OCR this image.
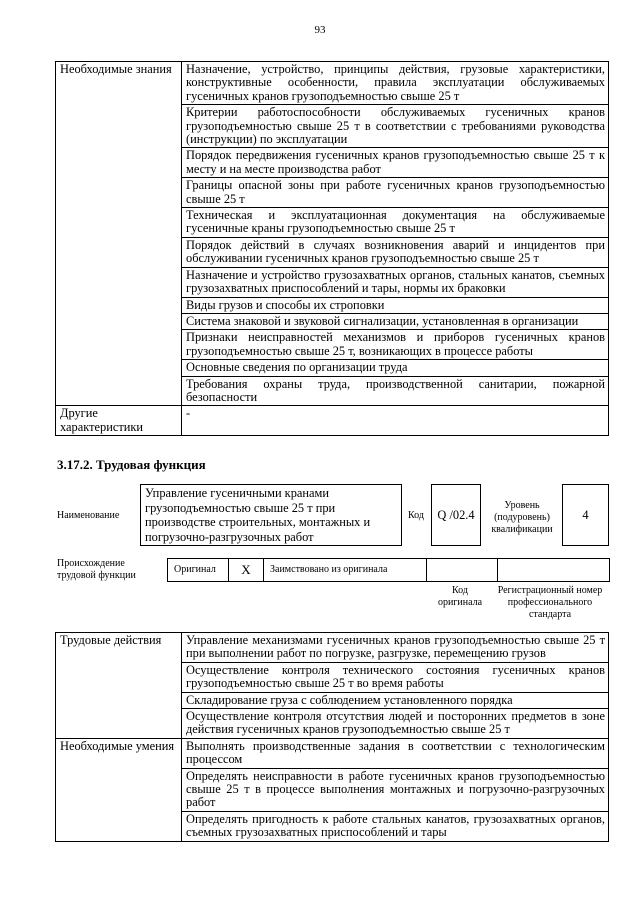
93
Необходимые знания	Назначение, устройство, принципы действия, грузовые характеристики, конструктивные особенности, правила эксплуатации обслуживаемых гусеничных кранов грузоподъемностью свыше 25 т
	Критерии работоспособности обслуживаемых гусеничных кранов грузоподъемностью свыше 25 т в соответствии с требованиями руководства (инструкции) по эксплуатации
	Порядок передвижения гусеничных кранов грузоподъемностью свыше 25 т к месту и на месте производства работ
	Границы опасной зоны при работе гусеничных кранов грузоподъемностью свыше 25 т
	Техническая и эксплуатационная документация на обслуживаемые гусеничные краны грузоподъемностью свыше 25 т
	Порядок действий в случаях возникновения аварий и инцидентов при обслуживании гусеничных кранов грузоподъемностью свыше 25 т
	Назначение и устройство грузозахватных органов, стальных канатов, съемных грузозахватных приспособлений и тары, нормы их браковки
	Виды грузов и способы их строповки
	Система знаковой и звуковой сигнализации, установленная в организации
	Признаки неисправностей механизмов и приборов гусеничных кранов грузоподъемностью свыше 25 т, возникающих в процессе работы
	Основные сведения по организации труда
	Требования охраны труда, производственной санитарии, пожарной безопасности
Другие характеристики	-
3.17.2. Трудовая функция
Наименование
Управление гусеничными кранами грузоподъемностью свыше 25 т при производстве строительных, монтажных и погрузочно-разгрузочных работ
Код	Q /02.4
Уровень (подуровень) квалификации
4
Происхождение трудовой функции
Оригинал	X	Заимствовано из оригинала		
Код оригинала
Регистрационный номер профессионального стандарта
Трудовые действия	Управление механизмами гусеничных кранов грузоподъемностью свыше 25 т при выполнении работ по погрузке, разгрузке, перемещению грузов
	Осуществление контроля технического состояния гусеничных кранов грузоподъемностью свыше 25 т во время работы
	Складирование груза с соблюдением установленного порядка
	Осуществление контроля отсутствия людей и посторонних предметов в зоне действия гусеничных кранов грузоподъемностью свыше 25 т
Необходимые умения	Выполнять производственные задания в соответствии с технологическим процессом
	Определять неисправности в работе гусеничных кранов грузоподъемностью свыше 25 т в процессе выполнения монтажных и погрузочно-разгрузочных работ
	Определять пригодность к работе стальных канатов, грузозахватных органов, съемных грузозахватных приспособлений и тары
